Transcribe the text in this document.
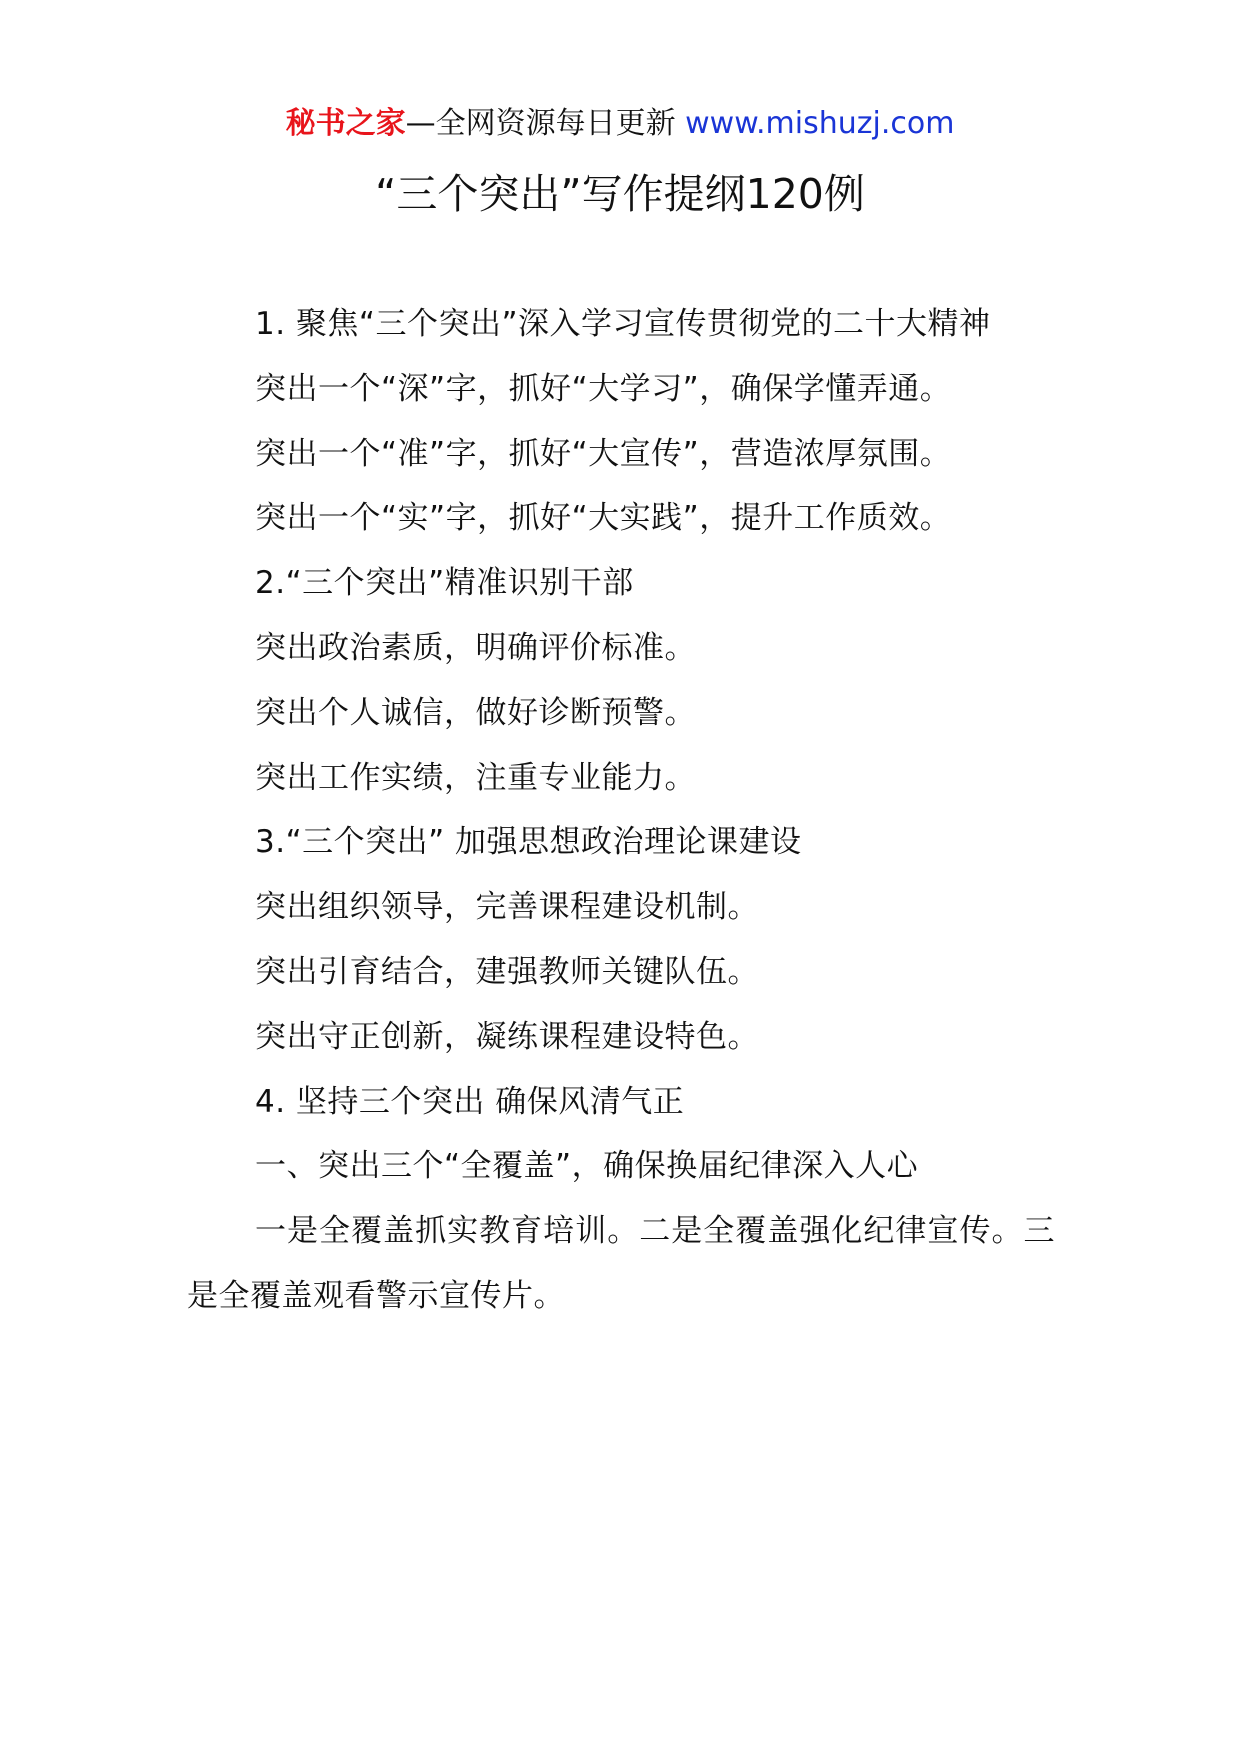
秘书之家—全网资源每日更新 www.mishuzj.com
“三个突出”写作提纲120例

1. 聚焦“三个突出”深入学习宣传贯彻党的二十大精神

突出一个“深”字，抓好“大学习”，确保学懂弄通。

突出一个“准”字，抓好“大宣传”，营造浓厚氛围。

突出一个“实”字，抓好“大实践”，提升工作质效。

2.“三个突出”精准识别干部

突出政治素质，明确评价标准。

突出个人诚信，做好诊断预警。

突出工作实绩，注重专业能力。

3.“三个突出” 加强思想政治理论课建设

突出组织领导，完善课程建设机制。

突出引育结合，建强教师关键队伍。

突出守正创新，凝练课程建设特色。

4. 坚持三个突出 确保风清气正

一、突出三个“全覆盖”，确保换届纪律深入人心

一是全覆盖抓实教育培训。二是全覆盖强化纪律宣传。三是全覆盖观看警示宣传片。
